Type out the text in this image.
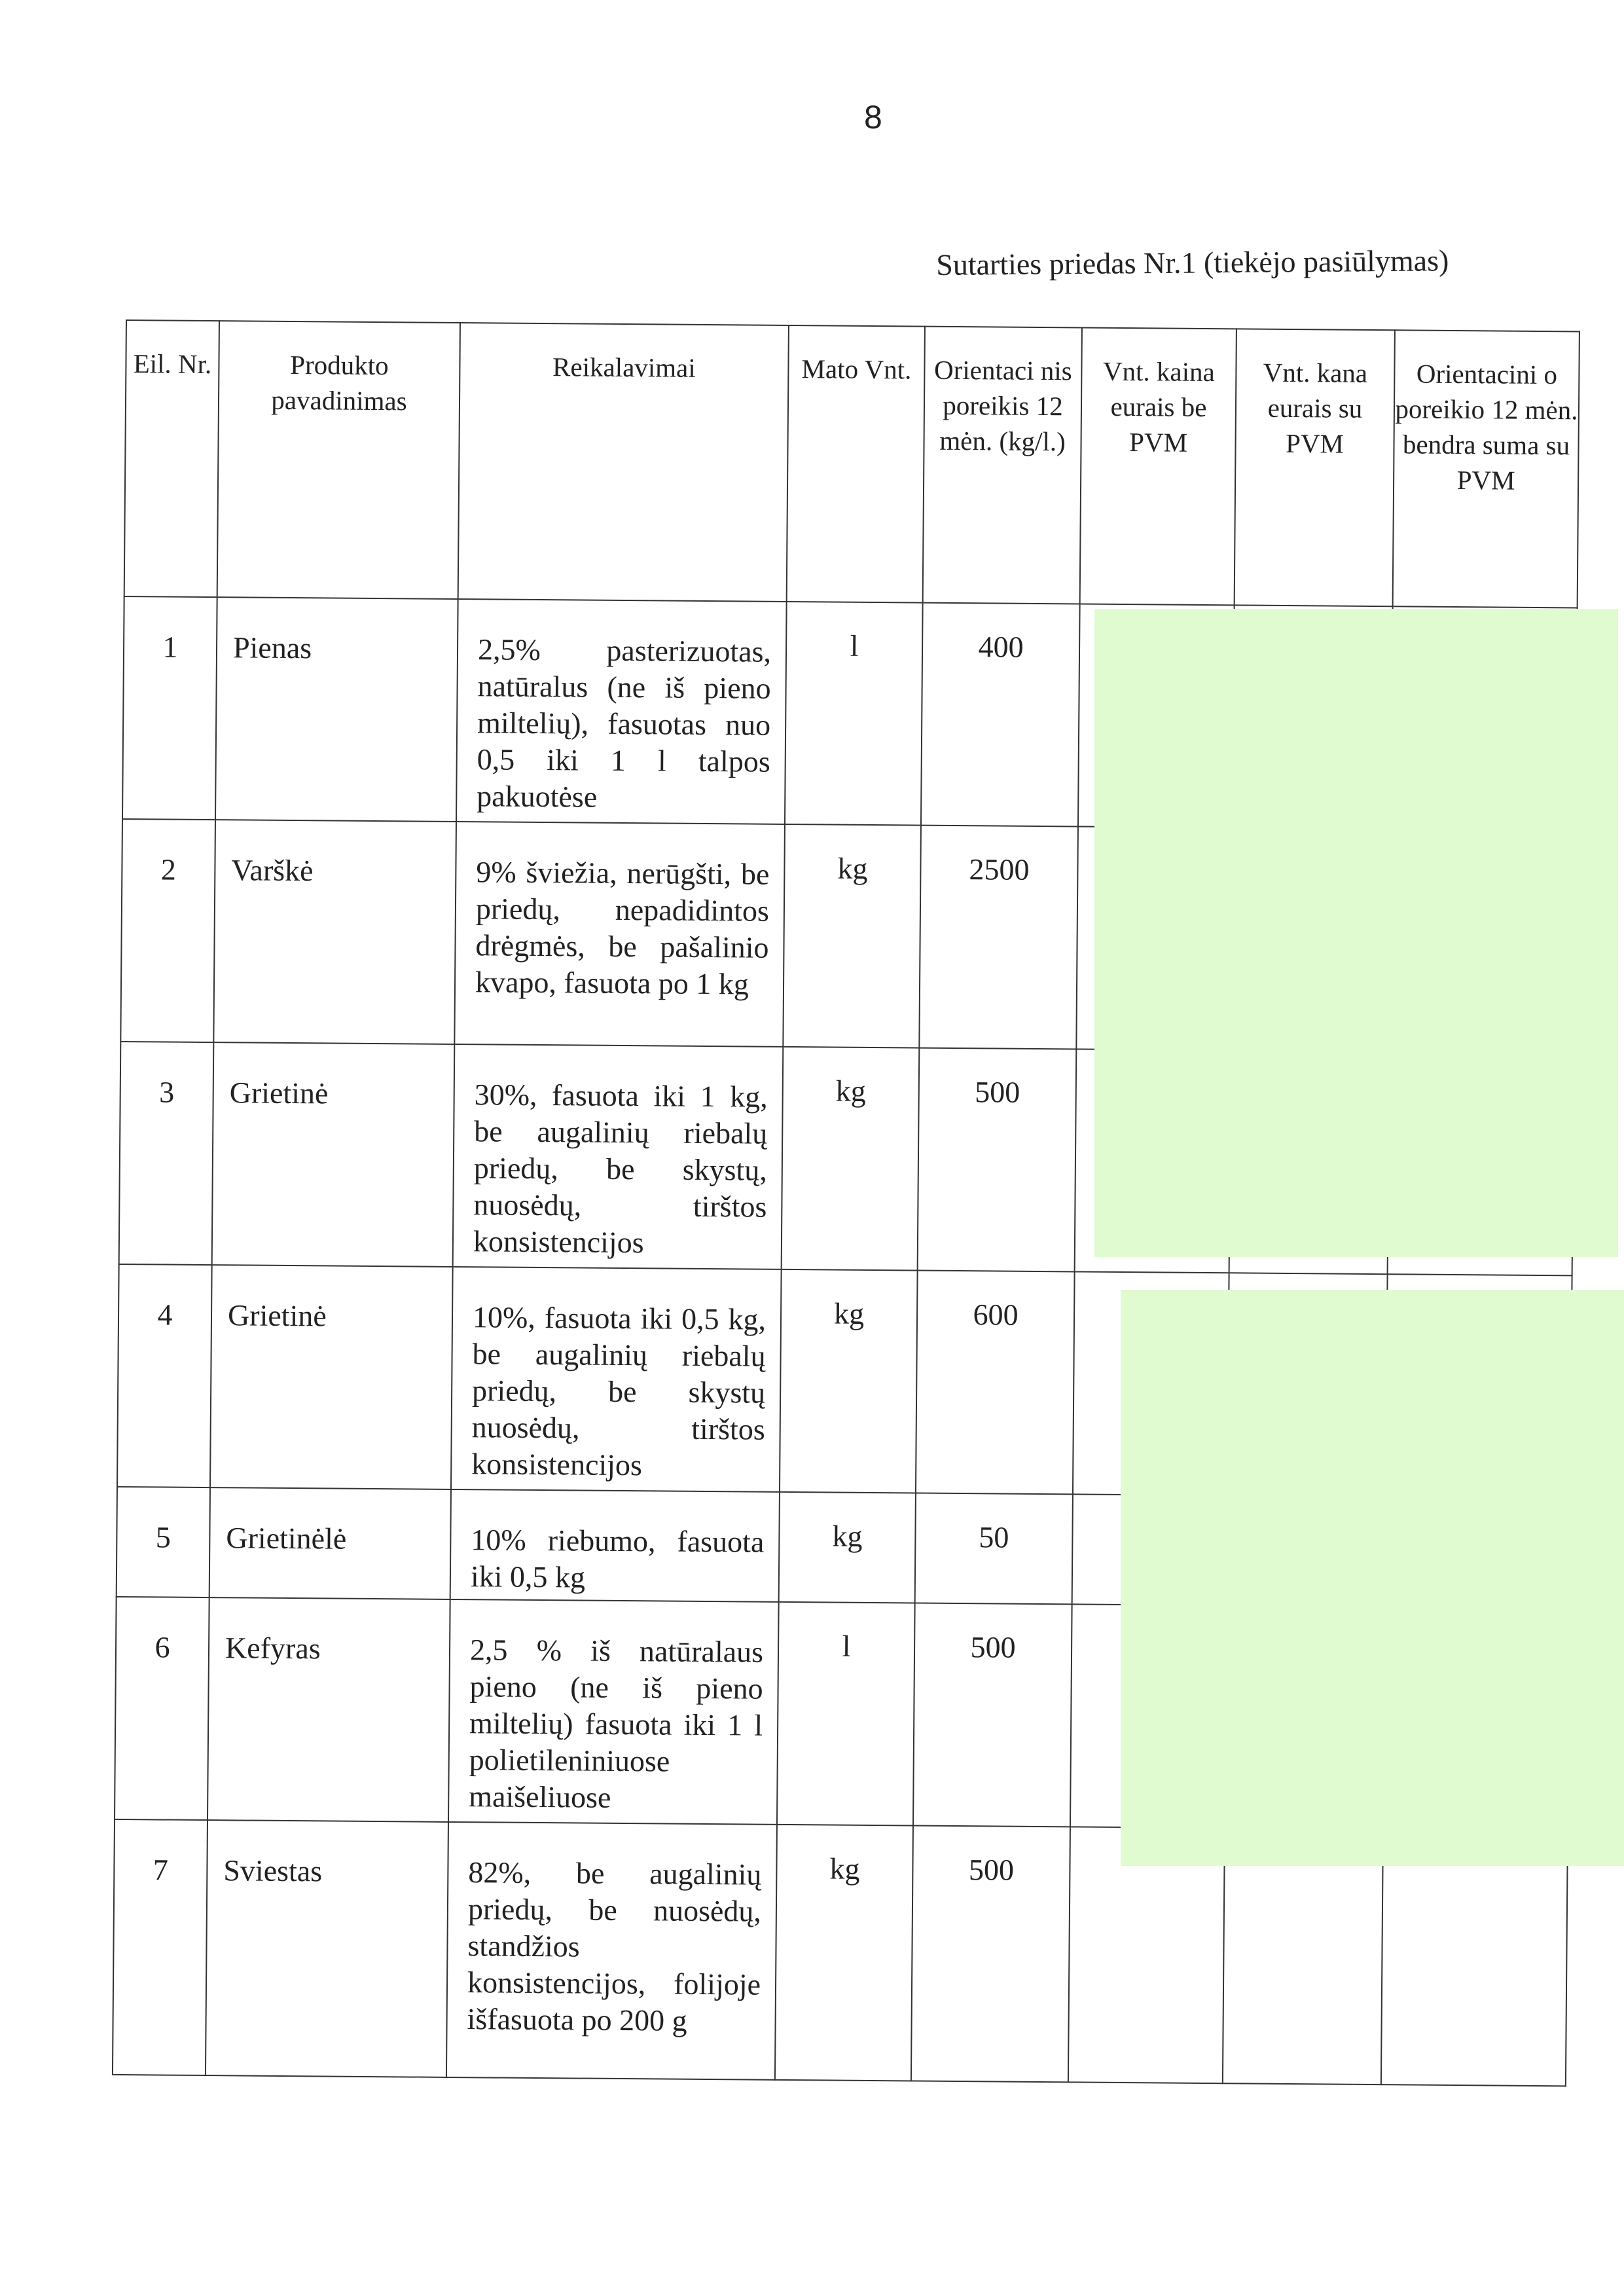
8
Sutarties priedas Nr.1 (tiekėjo pasiūlymas)
Eil. Nr.	Produkto pavadinimas	Reikalavimai	Mato Vnt.	Orientaci nis poreikis 12 mėn. (kg/l.)	Vnt. kaina eurais be PVM	Vnt. kana eurais su PVM	Orientacini o poreikio 12 mėn. bendra suma su PVM
1	Pienas	2,5% pasterizuotas, natūralus (ne iš pieno miltelių), fasuotas nuo 0,5 iki 1 l talpos pakuotėse	l	400			
2	Varškė	9% šviežia, nerūgšti, be priedų, nepadidintos drėgmės, be pašalinio kvapo, fasuota po 1 kg	kg	2500			
3	Grietinė	30%, fasuota iki 1 kg, be augalinių riebalų priedų, be skystų, nuosėdų, tirštos konsistencijos	kg	500			
4	Grietinė	10%, fasuota iki 0,5 kg, be augalinių riebalų priedų, be skystų nuosėdų, tirštos konsistencijos	kg	600			
5	Grietinėlė	10% riebumo, fasuota iki 0,5 kg	kg	50			
6	Kefyras	2,5 % iš natūralaus pieno (ne iš pieno miltelių) fasuota iki 1 l polietileniniuose maišeliuose	l	500			
7	Sviestas	82%, be augalinių priedų, be nuosėdų, standžios konsistencijos, folijoje išfasuota po 200 g	kg	500			
